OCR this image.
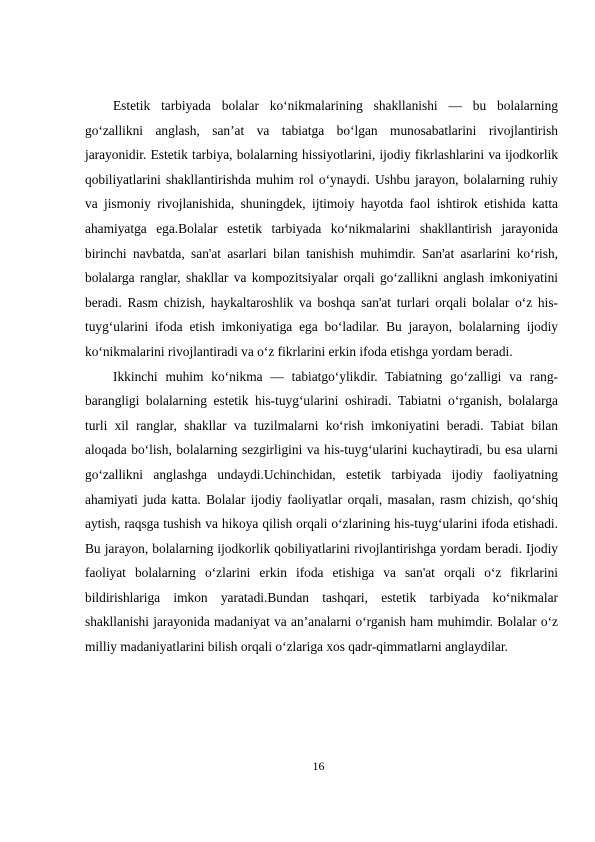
Estetik tarbiyada bolalar ko‘nikmalarining shakllanishi — bu bolalarning go‘zallikni anglash, san’at va tabiatga bo‘lgan munosabatlarini rivojlantirish jarayonidir. Estetik tarbiya, bolalarning hissiyotlarini, ijodiy fikrlashlarini va ijodkorlik qobiliyatlarini shakllantirishda muhim rol o‘ynaydi. Ushbu jarayon, bolalarning ruhiy va jismoniy rivojlanishida, shuningdek, ijtimoiy hayotda faol ishtirok etishida katta ahamiyatga ega.Bolalar estetik tarbiyada ko‘nikmalarini shakllantirish jarayonida birinchi navbatda, san'at asarlari bilan tanishish muhimdir. San'at asarlarini ko‘rish, bolalarga ranglar, shakllar va kompozitsiyalar orqali go‘zallikni anglash imkoniyatini beradi. Rasm chizish, haykaltaroshlik va boshqa san'at turlari orqali bolalar o‘z his-tuyg‘ularini ifoda etish imkoniyatiga ega bo‘ladilar. Bu jarayon, bolalarning ijodiy ko‘nikmalarini rivojlantiradi va o‘z fikrlarini erkin ifoda etishga yordam beradi.

Ikkinchi muhim ko‘nikma — tabiatgo‘ylikdir. Tabiatning go‘zalligi va rang-barangligi bolalarning estetik his-tuyg‘ularini oshiradi. Tabiatni o‘rganish, bolalarga turli xil ranglar, shakllar va tuzilmalarni ko‘rish imkoniyatini beradi. Tabiat bilan aloqada bo‘lish, bolalarning sezgirligini va his-tuyg‘ularini kuchaytiradi, bu esa ularni go‘zallikni anglashga undaydi.Uchinchidan, estetik tarbiyada ijodiy faoliyatning ahamiyati juda katta. Bolalar ijodiy faoliyatlar orqali, masalan, rasm chizish, qo‘shiq aytish, raqsga tushish va hikoya qilish orqali o‘zlarining his-tuyg‘ularini ifoda etishadi. Bu jarayon, bolalarning ijodkorlik qobiliyatlarini rivojlantirishga yordam beradi. Ijodiy faoliyat bolalarning o‘zlarini erkin ifoda etishiga va san'at orqali o‘z fikrlarini bildirishlariga imkon yaratadi.Bundan tashqari, estetik tarbiyada ko‘nikmalar shakllanishi jarayonida madaniyat va an’analarni o‘rganish ham muhimdir. Bolalar o‘z milliy madaniyatlarini bilish orqali o‘zlariga xos qadr-qimmatlarni anglaydilar.

16
